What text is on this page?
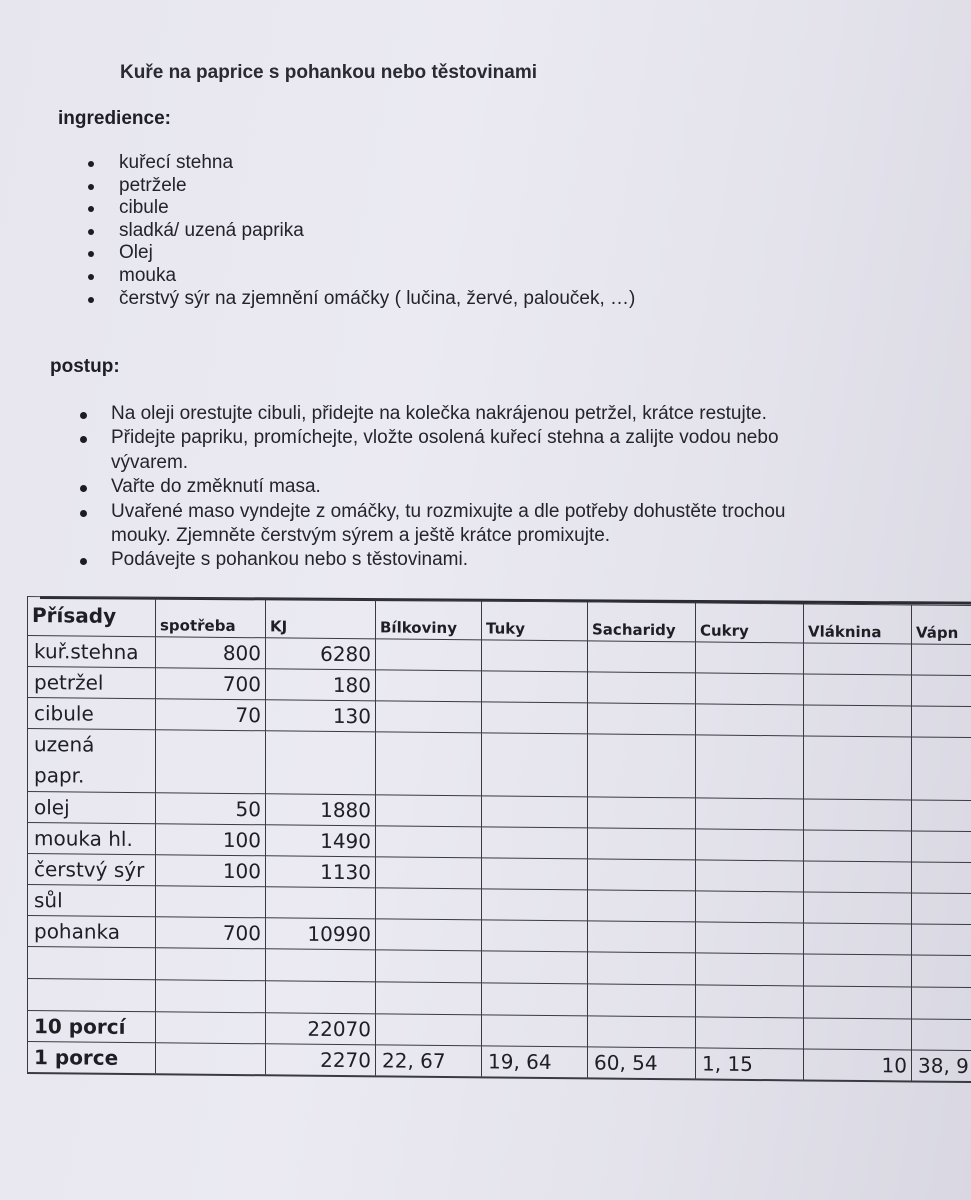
Kuře na paprice s pohankou nebo těstovinami
ingredience:
kuřecí stehna
petržele
cibule
sladká/ uzená paprika
Olej
mouka
čerstvý sýr na zjemnění omáčky ( lučina, žervé, palouček, …)
postup:
Na oleji orestujte cibuli, přidejte na kolečka nakrájenou petržel, krátce restujte.
Přidejte papriku, promíchejte, vložte osolená kuřecí stehna a zalijte vodou nebo vývarem.
Vařte do změknutí masa.
Uvařené maso vyndejte z omáčky, tu rozmixujte a dle potřeby dohustěte trochou mouky. Zjemněte čerstvým sýrem a ještě krátce promixujte.
Podávejte s pohankou nebo s těstovinami.
Přísady	spotřeba	KJ	Bílkoviny	Tuky	Sacharidy	Cukry	Vláknina	Vápn
kuř.stehna	800	6280						
petržel	700	180						
cibule	70	130						
uzená papr.								
olej	50	1880						
mouka hl.	100	1490						
čerstvý sýr	100	1130						
sůl								
pohanka	700	10990						

10 porcí		22070						
1 porce		2270	22, 67	19, 64	60, 54	1, 15	10	38, 9
